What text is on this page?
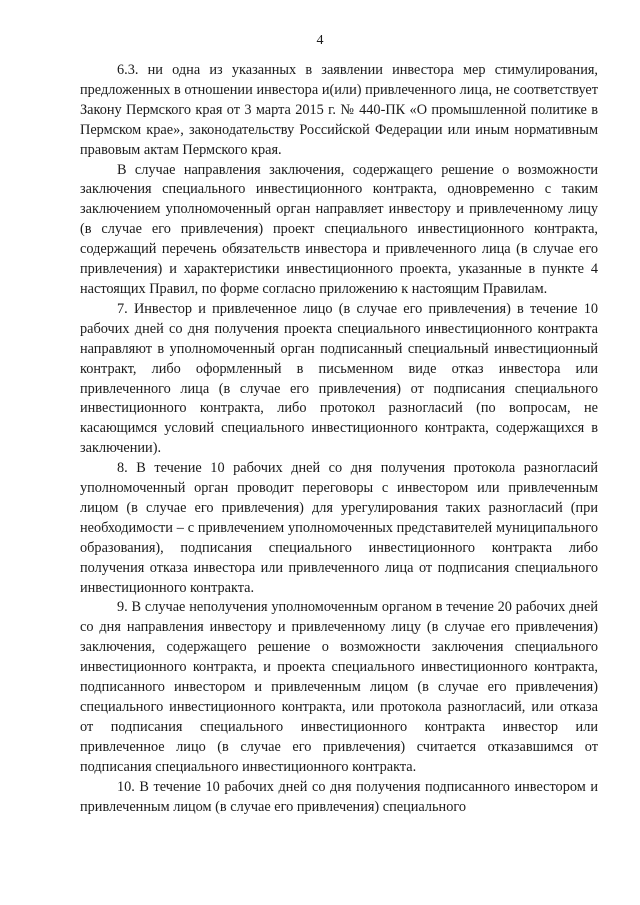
4

6.3. ни одна из указанных в заявлении инвестора мер стимулирования, предложенных в отношении инвестора и(или) привлеченного лица, не соответствует Закону Пермского края от 3 марта 2015 г. № 440-ПК «О промышленной политике в Пермском крае», законодательству Российской Федерации или иным нормативным правовым актам Пермского края.

В случае направления заключения, содержащего решение о возможности заключения специального инвестиционного контракта, одновременно с таким заключением уполномоченный орган направляет инвестору и привлеченному лицу (в случае его привлечения) проект специального инвестиционного контракта, содержащий перечень обязательств инвестора и привлеченного лица (в случае его привлечения) и характеристики инвестиционного проекта, указанные в пункте 4 настоящих Правил, по форме согласно приложению к настоящим Правилам.

7. Инвестор и привлеченное лицо (в случае его привлечения) в течение 10 рабочих дней со дня получения проекта специального инвестиционного контракта направляют в уполномоченный орган подписанный специальный инвестиционный контракт, либо оформленный в письменном виде отказ инвестора или привлеченного лица (в случае его привлечения) от подписания специального инвестиционного контракта, либо протокол разногласий (по вопросам, не касающимся условий специального инвестиционного контракта, содержащихся в заключении).

8. В течение 10 рабочих дней со дня получения протокола разногласий уполномоченный орган проводит переговоры с инвестором или привлеченным лицом (в случае его привлечения) для урегулирования таких разногласий (при необходимости – с привлечением уполномоченных представителей муниципального образования), подписания специального инвестиционного контракта либо получения отказа инвестора или привлеченного лица от подписания специального инвестиционного контракта.

9. В случае неполучения уполномоченным органом в течение 20 рабочих дней со дня направления инвестору и привлеченному лицу (в случае его привлечения) заключения, содержащего решение о возможности заключения специального инвестиционного контракта, и проекта специального инвестиционного контракта, подписанного инвестором и привлеченным лицом (в случае его привлечения) специального инвестиционного контракта, или протокола разногласий, или отказа от подписания специального инвестиционного контракта инвестор или привлеченное лицо (в случае его привлечения) считается отказавшимся от подписания специального инвестиционного контракта.

10. В течение 10 рабочих дней со дня получения подписанного инвестором и привлеченным лицом (в случае его привлечения) специального
